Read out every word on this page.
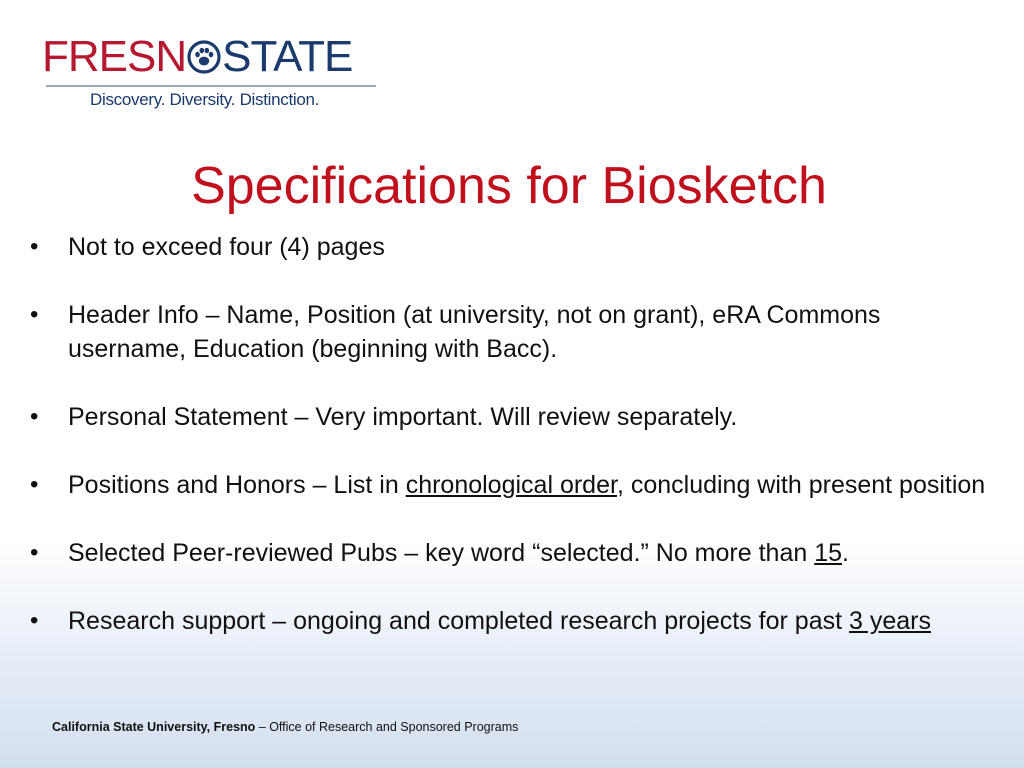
FRESN STATE
Discovery. Diversity. Distinction.
Specifications for Biosketch
• Not to exceed four (4) pages
• Header Info – Name, Position (at university, not on grant), eRA Commons username, Education (beginning with Bacc).
• Personal Statement – Very important. Will review separately.
• Positions and Honors – List in chronological order, concluding with present position
• Selected Peer-reviewed Pubs – key word “selected.” No more than 15.
• Research support – ongoing and completed research projects for past 3 years
California State University, Fresno – Office of Research and Sponsored Programs
